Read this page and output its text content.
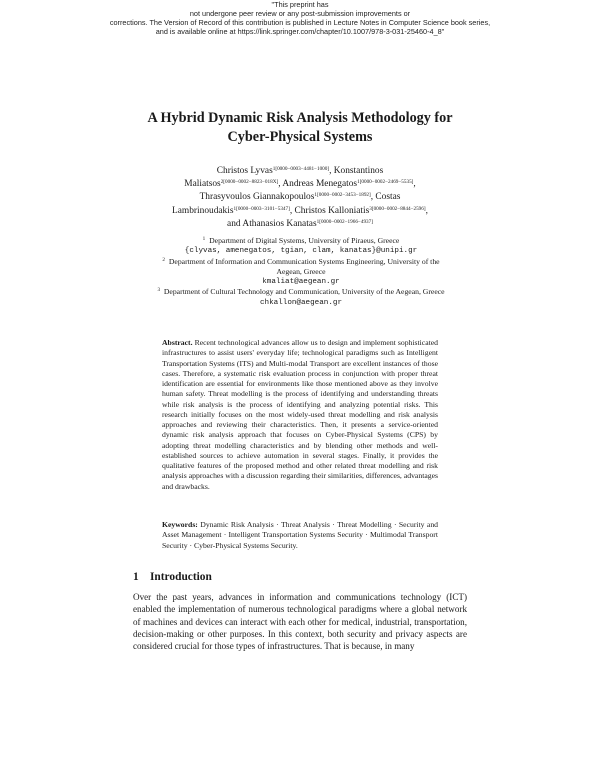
"This preprint has
not undergone peer review or any post-submission improvements or
corrections. The Version of Record of this contribution is published in Lecture Notes in Computer Science book series,
and is available online at https://link.springer.com/chapter/10.1007/978-3-031-25460-4_8"
A Hybrid Dynamic Risk Analysis Methodology for
Cyber-Physical Systems
Christos Lyvas$^{1[0000-0003-4481-1000]}$, Konstantinos
Maliatsos$^{2[0000-0002-8823-018X]}$, Andreas Menegatos$^{1[0000-0002-2469-5535]}$,
Thrasyvoulos Giannakopoulos$^{1[0000-0002-3453-1892]}$, Costas
Lambrinoudakis$^{1[0000-0003-3101-5347]}$, Christos Kalloniatis$^{3[0000-0002-8844-2596]}$,
and Athanasios Kanatas$^{1[0000-0002-1966-4937]}$
$^1$ Department of Digital Systems, University of Piraeus, Greece
{clyvas, amenegatos, tgian, clam, kanatas}@unipi.gr
$^2$ Department of Information and Communication Systems Engineering, University of the
Aegean, Greece
kmaliat@aegean.gr
$^3$ Department of Cultural Technology and Communication, University of the Aegean, Greece
chkallon@aegean.gr

Abstract. Recent technological advances allow us to design and implement sophisticated infrastructures to assist users' everyday life; technological paradigms such as Intelligent Transportation Systems (ITS) and Multi-modal Transport are excellent instances of those cases. Therefore, a systematic risk evaluation process in conjunction with proper threat identification are essential for environments like those mentioned above as they involve human safety. Threat modelling is the process of identifying and understanding threats while risk analysis is the process of identifying and analyzing potential risks. This research initially focuses on the most widely-used threat modelling and risk analysis approaches and reviewing their characteristics. Then, it presents a service-oriented dynamic risk analysis approach that focuses on Cyber-Physical Systems (CPS) by adopting threat modelling characteristics and by blending other methods and well-established sources to achieve automation in several stages. Finally, it provides the qualitative features of the proposed method and other related threat modelling and risk analysis approaches with a discussion regarding their similarities, differences, advantages and drawbacks.

Keywords: Dynamic Risk Analysis · Threat Analysis · Threat Modelling · Security and Asset Management · Intelligent Transportation Systems Security · Multimodal Transport Security · Cyber-Physical Systems Security.

1 Introduction

Over the past years, advances in information and communications technology (ICT) enabled the implementation of numerous technological paradigms where a global network of machines and devices can interact with each other for medical, industrial, transportation, decision-making or other purposes. In this context, both security and privacy aspects are considered crucial for those types of infrastructures. That is because, in many
